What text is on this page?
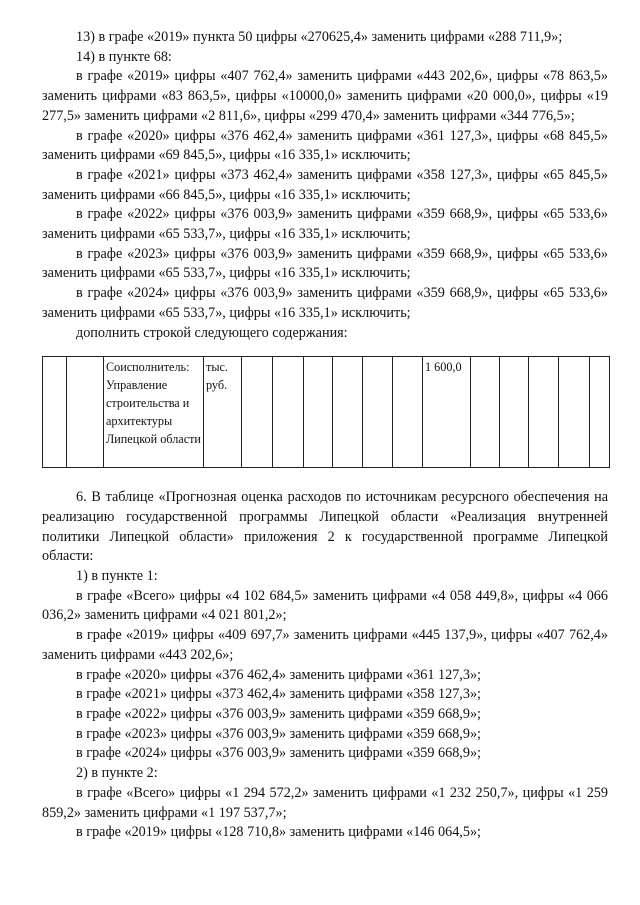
13) в графе «2019» пункта 50 цифры «270625,4» заменить цифрами «288 711,9»;

14) в пункте 68:

в графе «2019» цифры «407 762,4» заменить цифрами «443 202,6», цифры «78 863,5» заменить цифрами «83 863,5», цифры «10000,0» заменить цифрами «20 000,0», цифры «19 277,5» заменить цифрами «2 811,6», цифры «299 470,4» заменить цифрами «344 776,5»;

в графе «2020» цифры «376 462,4» заменить цифрами «361 127,3», цифры «68 845,5» заменить цифрами «69 845,5», цифры «16 335,1» исключить;

в графе «2021» цифры «373 462,4» заменить цифрами «358 127,3», цифры «65 845,5» заменить цифрами «66 845,5», цифры «16 335,1» исключить;

в графе «2022» цифры «376 003,9» заменить цифрами «359 668,9», цифры «65 533,6» заменить цифрами «65 533,7», цифры «16 335,1» исключить;

в графе «2023» цифры «376 003,9» заменить цифрами «359 668,9», цифры «65 533,6» заменить цифрами «65 533,7», цифры «16 335,1» исключить;

в графе «2024» цифры «376 003,9» заменить цифрами «359 668,9», цифры «65 533,6» заменить цифрами «65 533,7», цифры «16 335,1» исключить;

дополнить строкой следующего содержания:

		Соисполнитель: Управление строительства и архитектуры Липецкой области	тыс. руб.							1 600,0					

6. В таблице «Прогнозная оценка расходов по источникам ресурсного обеспечения на реализацию государственной программы Липецкой области «Реализация внутренней политики Липецкой области» приложения 2 к государственной программе Липецкой области:

1) в пункте 1:

в графе «Всего» цифры «4 102 684,5» заменить цифрами «4 058 449,8», цифры «4 066 036,2» заменить цифрами «4 021 801,2»;

в графе «2019» цифры «409 697,7» заменить цифрами «445 137,9», цифры «407 762,4» заменить цифрами «443 202,6»;

в графе «2020» цифры «376 462,4» заменить цифрами «361 127,3»;

в графе «2021» цифры «373 462,4» заменить цифрами «358 127,3»;

в графе «2022» цифры «376 003,9» заменить цифрами «359 668,9»;

в графе «2023» цифры «376 003,9» заменить цифрами «359 668,9»;

в графе «2024» цифры «376 003,9» заменить цифрами «359 668,9»;

2) в пункте 2:

в графе «Всего» цифры «1 294 572,2» заменить цифрами «1 232 250,7», цифры «1 259 859,2» заменить цифрами «1 197 537,7»;

в графе «2019» цифры «128 710,8» заменить цифрами «146 064,5»;
